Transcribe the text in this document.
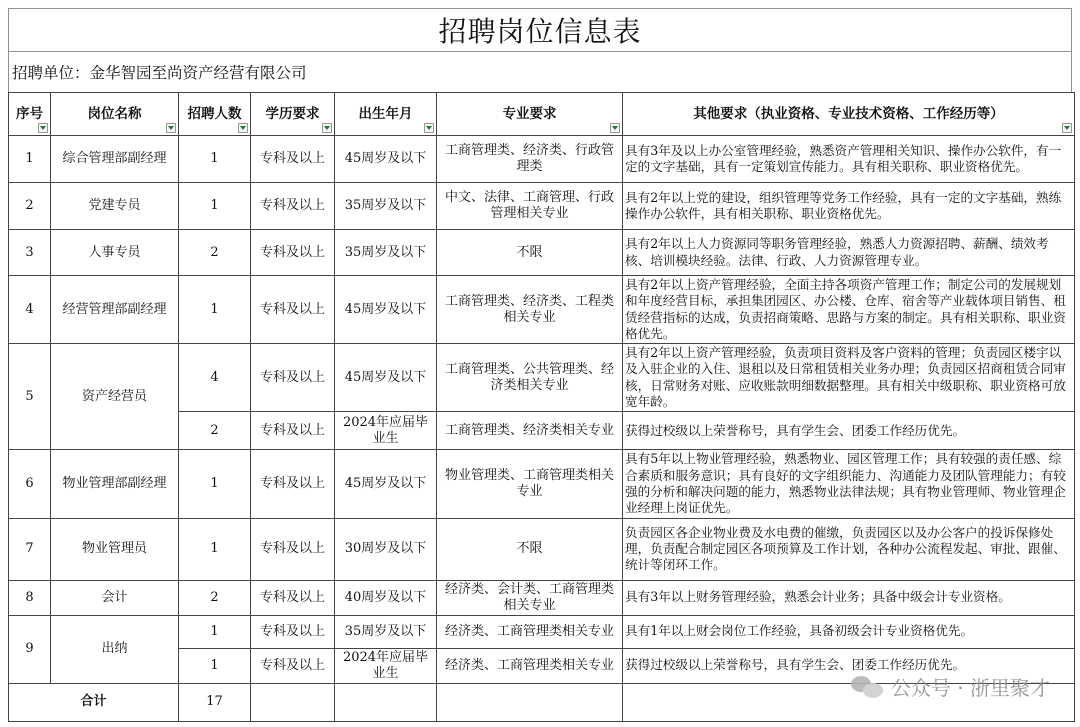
招聘岗位信息表
招聘单位：金华智园至尚资产经营有限公司
序号	岗位名称	招聘人数	学历要求	出生年月	专业要求	其他要求（执业资格、专业技术资格、工作经历等）

1	综合管理部副经理	1	专科及以上	45周岁及以下	工商管理类、经济类、行政管理类	具有3年及以上办公室管理经验，熟悉资产管理相关知识、操作办公软件，有一定的文字基础，具有一定策划宣传能力。具有相关职称、职业资格优先。
2	党建专员	1	专科及以上	35周岁及以下	中文、法律、工商管理、行政管理相关专业	具有2年以上党的建设，组织管理等党务工作经验，具有一定的文字基础，熟练操作办公软件，具有相关职称、职业资格优先。
3	人事专员	2	专科及以上	35周岁及以下	不限	具有2年以上人力资源同等职务管理经验，熟悉人力资源招聘、薪酬、绩效考核、培训模块经验。法律、行政、人力资源管理专业。
4	经营管理部副经理	1	专科及以上	45周岁及以下	工商管理类、经济类、工程类相关专业	具有2年以上资产管理经验，全面主持各项资产管理工作；制定公司的发展规划和年度经营目标，承担集团园区、办公楼、仓库、宿舍等产业载体项目销售、租赁经营指标的达成，负责招商策略、思路与方案的制定。具有相关职称、职业资格优先。
5	资产经营员	4	专科及以上	45周岁及以下	工商管理类、公共管理类、经济类相关专业	具有2年以上资产管理经验，负责项目资料及客户资料的管理；负责园区楼宇以及入驻企业的入住、退租以及日常租赁相关业务办理；负责园区招商租赁合同审核，日常财务对账、应收账款明细数据整理。具有相关中级职称、职业资格可放宽年龄。
		2	专科及以上	2024年应届毕业生	工商管理类、经济类相关专业	获得过校级以上荣誉称号，具有学生会、团委工作经历优先。
6	物业管理部副经理	1	专科及以上	45周岁及以下	物业管理类、工商管理类相关专业	具有5年以上物业管理经验，熟悉物业、园区管理工作；具有较强的责任感、综合素质和服务意识；具有良好的文字组织能力、沟通能力及团队管理能力；有较强的分析和解决问题的能力，熟悉物业法律法规；具有物业管理师、物业管理企业经理上岗证优先。
7	物业管理员	1	专科及以上	30周岁及以下	不限	负责园区各企业物业费及水电费的催缴，负责园区以及办公客户的投诉保修处理，负责配合制定园区各项预算及工作计划，各种办公流程发起、审批、跟催、统计等闭环工作。
8	会计	2	专科及以上	40周岁及以下	经济类、会计类、工商管理类相关专业	具有3年以上财务管理经验，熟悉会计业务；具备中级会计专业资格。
9	出纳	1	专科及以上	35周岁及以下	经济类、工商管理类相关专业	具有1年以上财会岗位工作经验，具备初级会计专业资格优先。
		1	专科及以上	2024年应届毕业生	经济类、工商管理类相关专业	获得过校级以上荣誉称号，具有学生会、团委工作经历优先。
合计		17				
公众号 · 浙里聚才
